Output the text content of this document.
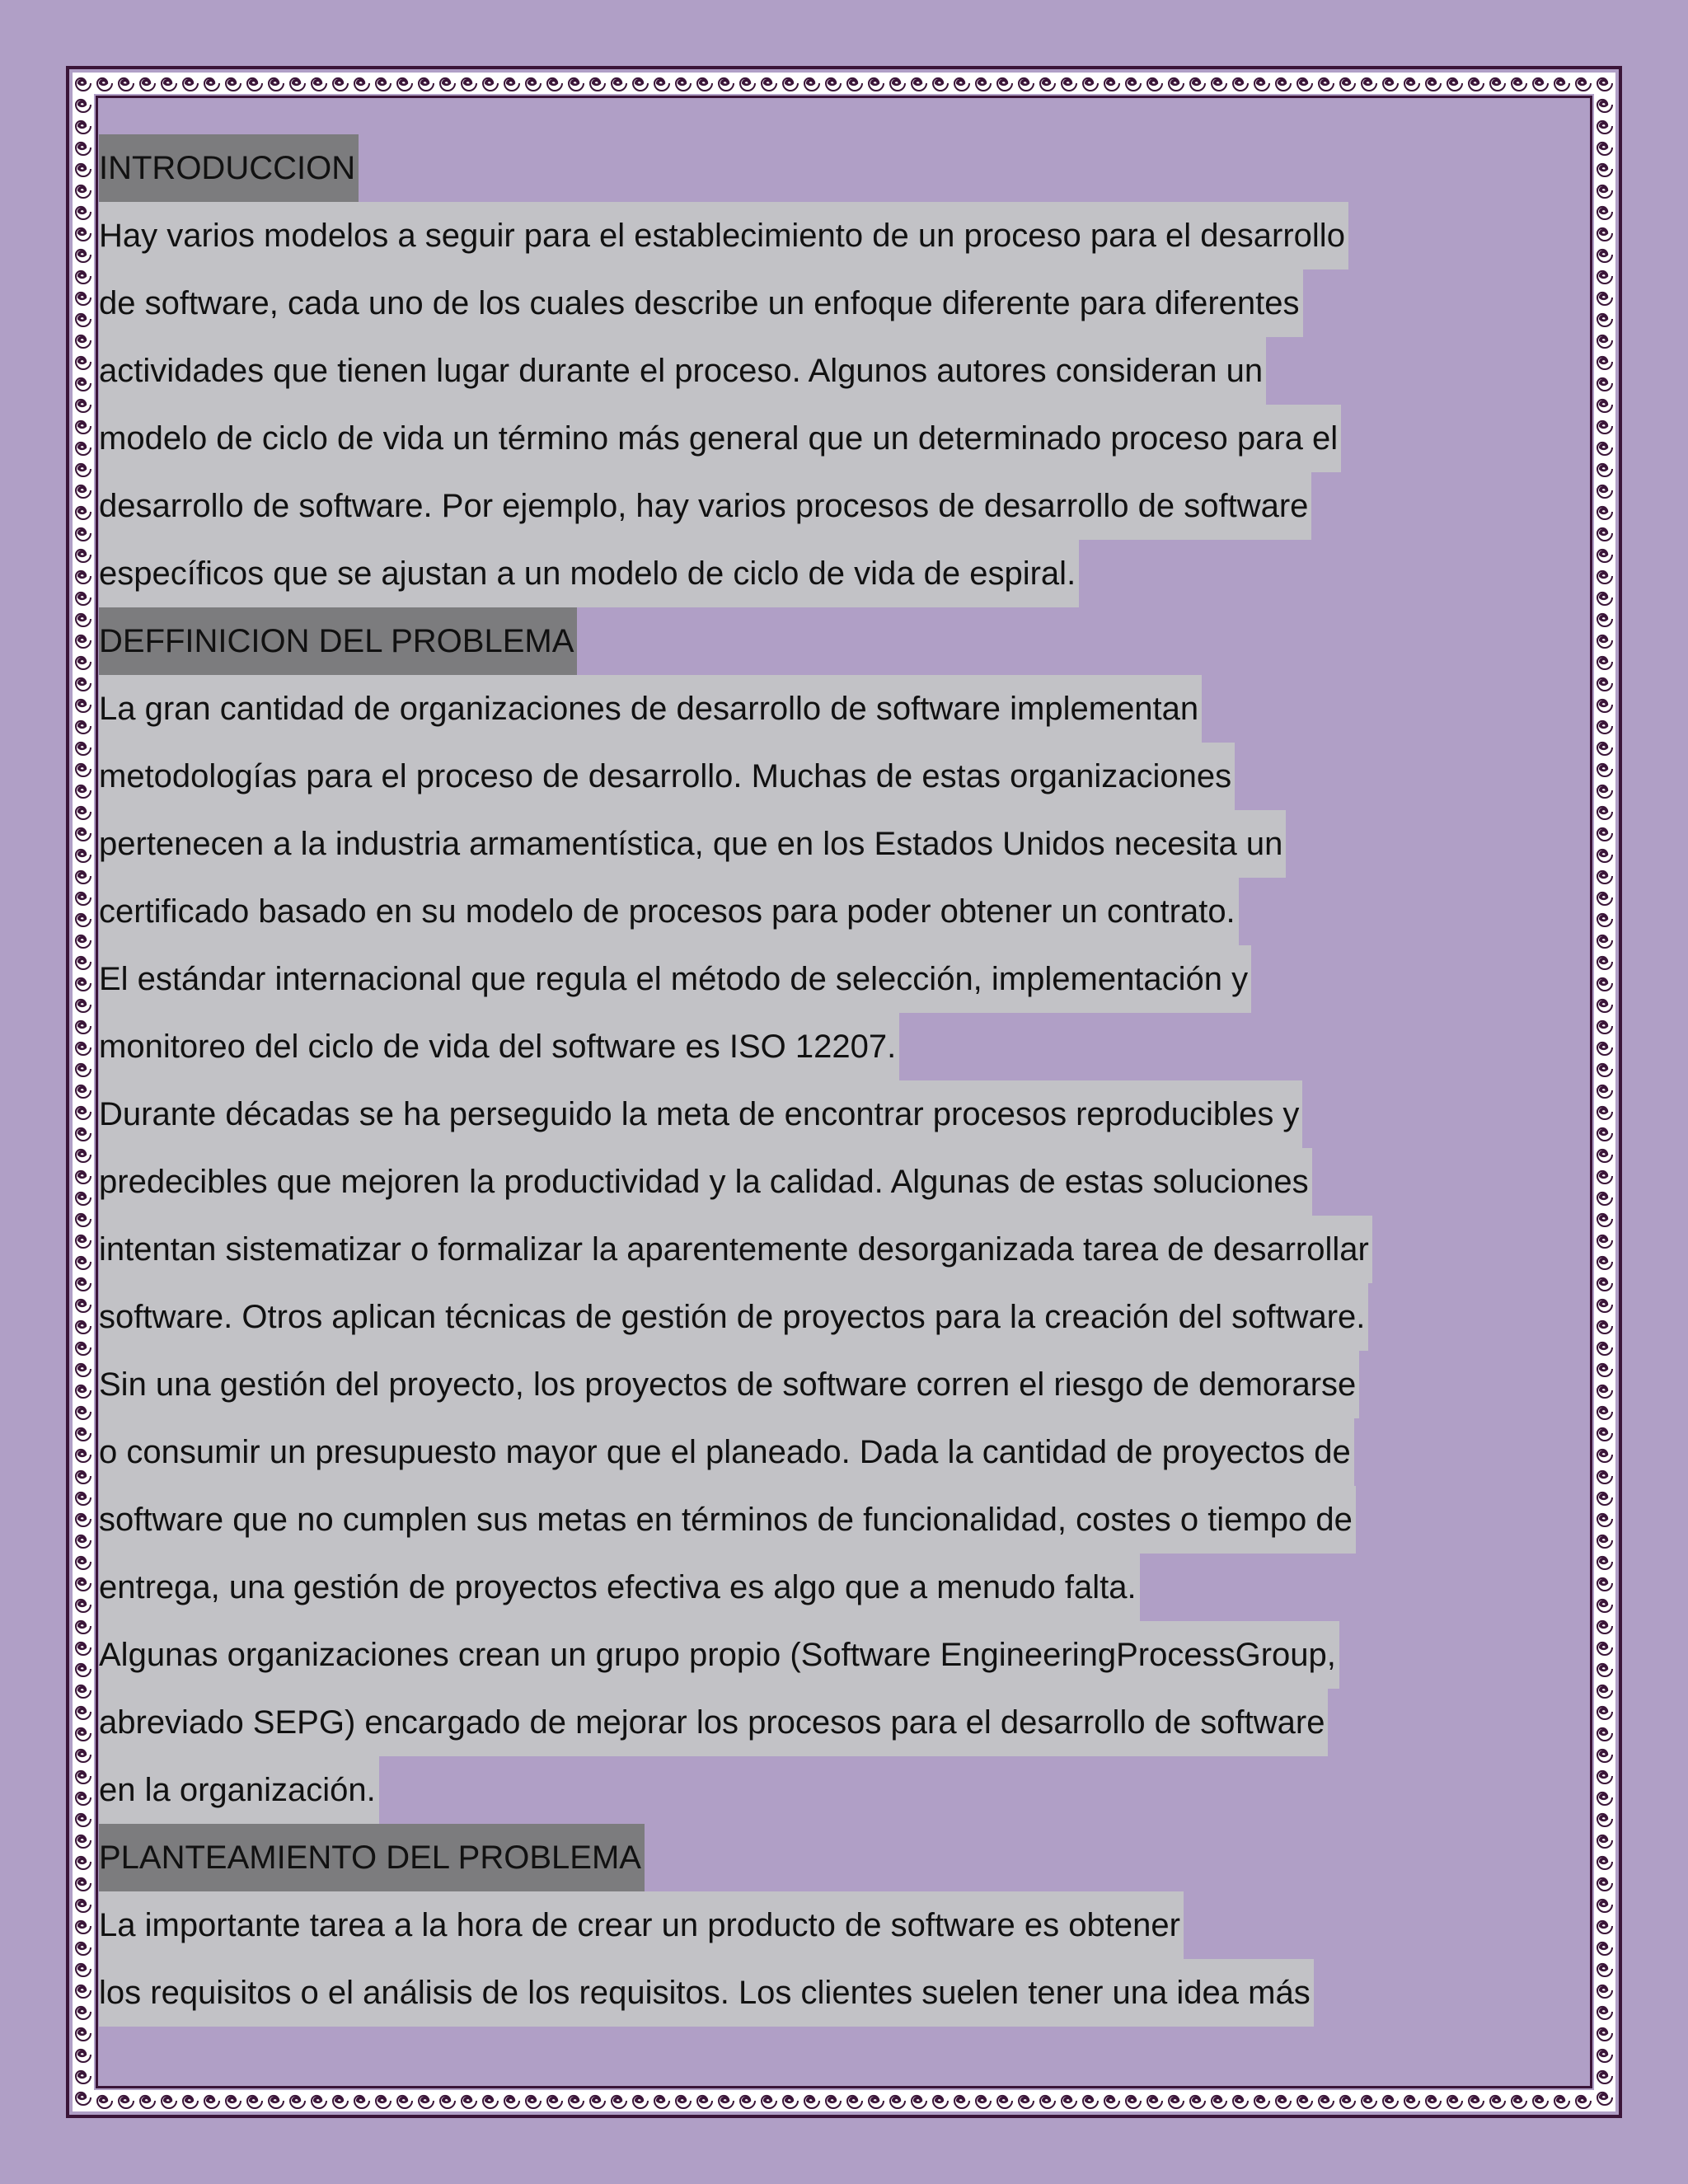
INTRODUCCION
Hay varios modelos a seguir para el establecimiento de un proceso para el desarrollo
de software, cada uno de los cuales describe un enfoque diferente para diferentes
actividades que tienen lugar durante el proceso. Algunos autores consideran un
modelo de ciclo de vida un término más general que un determinado proceso para el
desarrollo de software. Por ejemplo, hay varios procesos de desarrollo de software
específicos que se ajustan a un modelo de ciclo de vida de espiral.
DEFFINICION DEL PROBLEMA
La gran cantidad de organizaciones de desarrollo de software implementan
metodologías para el proceso de desarrollo. Muchas de estas organizaciones
pertenecen a la industria armamentística, que en los Estados Unidos necesita un
certificado basado en su modelo de procesos para poder obtener un contrato.
El estándar internacional que regula el método de selección, implementación y
monitoreo del ciclo de vida del software es ISO 12207.
Durante décadas se ha perseguido la meta de encontrar procesos reproducibles y
predecibles que mejoren la productividad y la calidad. Algunas de estas soluciones
intentan sistematizar o formalizar la aparentemente desorganizada tarea de desarrollar
software. Otros aplican técnicas de gestión de proyectos para la creación del software.
Sin una gestión del proyecto, los proyectos de software corren el riesgo de demorarse
o consumir un presupuesto mayor que el planeado. Dada la cantidad de proyectos de
software que no cumplen sus metas en términos de funcionalidad, costes o tiempo de
entrega, una gestión de proyectos efectiva es algo que a menudo falta.
Algunas organizaciones crean un grupo propio (Software EngineeringProcessGroup,
abreviado SEPG) encargado de mejorar los procesos para el desarrollo de software
en la organización.
PLANTEAMIENTO DEL PROBLEMA
La importante tarea a la hora de crear un producto de software es obtener
los requisitos o el análisis de los requisitos. Los clientes suelen tener una idea más
